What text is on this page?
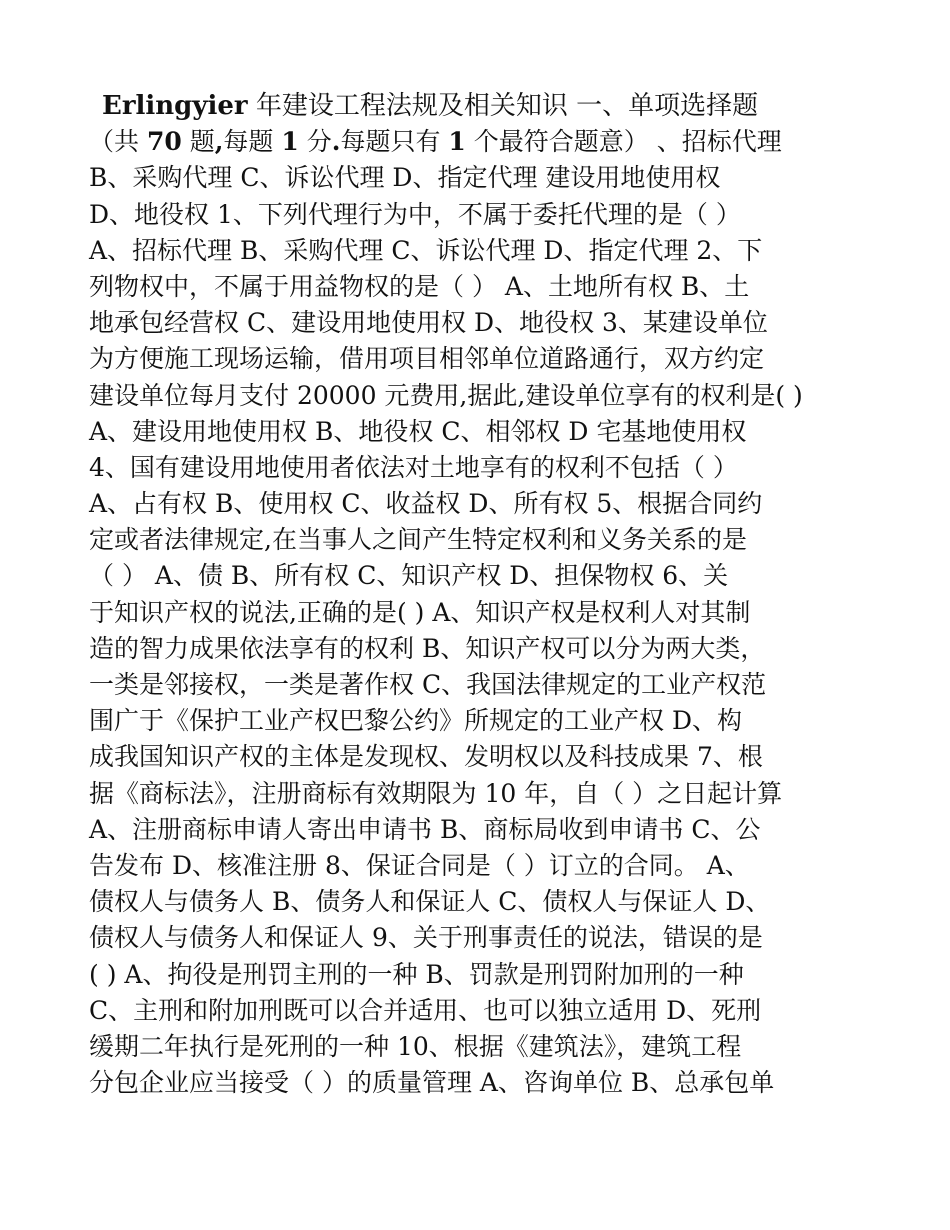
Erlingyier 年建设工程法规及相关知识 一、单项选择题
（共 70 题,每题 1 分.每题只有 1 个最符合题意） 、招标代理
B、采购代理 C、诉讼代理 D、指定代理 建设用地使用权
D、地役权 1、下列代理行为中，不属于委托代理的是（ ）
A、招标代理 B、采购代理 C、诉讼代理 D、指定代理 2、下
列物权中，不属于用益物权的是（ ） A、土地所有权 B、土
地承包经营权 C、建设用地使用权 D、地役权 3、某建设单位
为方便施工现场运输，借用项目相邻单位道路通行，双方约定
建设单位每月支付 20000 元费用,据此,建设单位享有的权利是( )
A、建设用地使用权 B、地役权 C、相邻权 D 宅基地使用权
4、国有建设用地使用者依法对土地享有的权利不包括（ ）
A、占有权 B、使用权 C、收益权 D、所有权 5、根据合同约
定或者法律规定,在当事人之间产生特定权利和义务关系的是
（ ） A、债 B、所有权 C、知识产权 D、担保物权 6、关
于知识产权的说法,正确的是( ) A、知识产权是权利人对其制
造的智力成果依法享有的权利 B、知识产权可以分为两大类，
一类是邻接权，一类是著作权 C、我国法律规定的工业产权范
围广于《保护工业产权巴黎公约》所规定的工业产权 D、构
成我国知识产权的主体是发现权、发明权以及科技成果 7、根
据《商标法》，注册商标有效期限为 10 年，自（ ）之日起计算
A、注册商标申请人寄出申请书 B、商标局收到申请书 C、公
告发布 D、核准注册 8、保证合同是（ ）订立的合同。 A、
债权人与债务人 B、债务人和保证人 C、债权人与保证人 D、
债权人与债务人和保证人 9、关于刑事责任的说法，错误的是
( ) A、拘役是刑罚主刑的一种 B、罚款是刑罚附加刑的一种
C、主刑和附加刑既可以合并适用、也可以独立适用 D、死刑
缓期二年执行是死刑的一种 10、根据《建筑法》，建筑工程
分包企业应当接受（ ）的质量管理 A、咨询单位 B、总承包单
